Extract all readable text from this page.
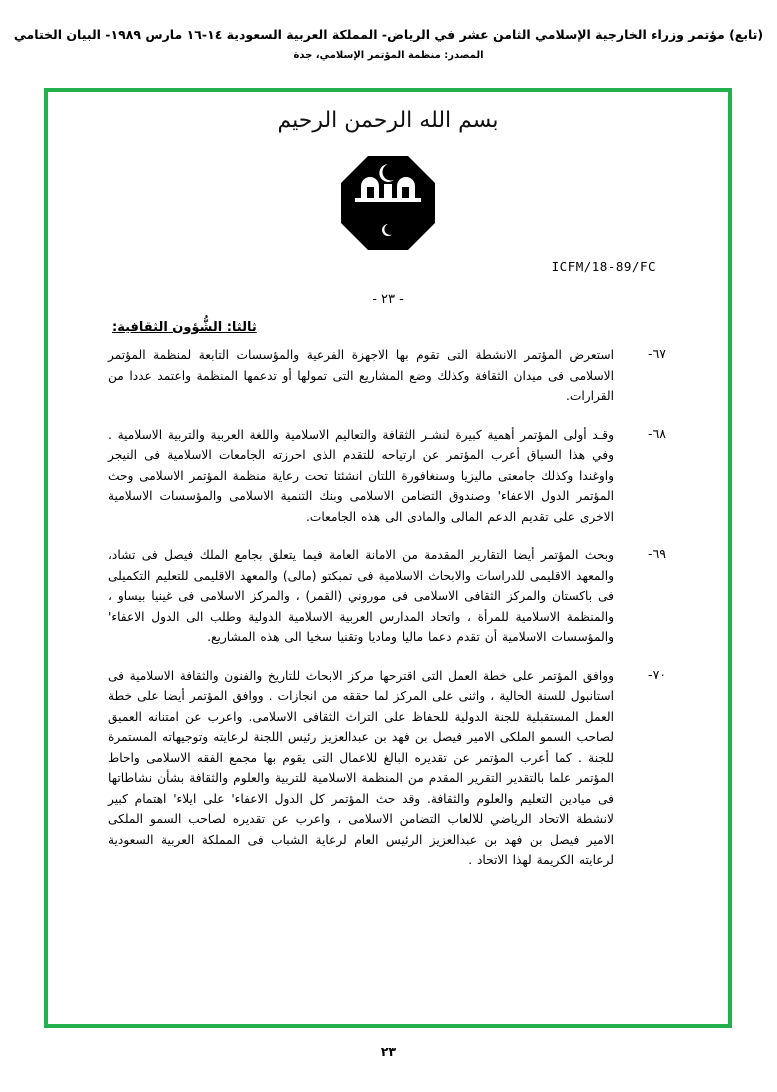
(تابع) مؤتمر وزراء الخارجية الإسلامي الثامن عشر في الرياض- المملكة العربية السعودية ١٤-١٦ مارس ١٩٨٩- البيان الختامي
المصدر: منظمة المؤتمر الإسلامي، جدة
بسم الله الرحمن الرحيم
ICFM/18-89/FC
- ٢٣ -
ثالثا: الشُّؤون الثقافية:
-٦٧
استعرض المؤتمر الانشطة التى تقوم بها الاجهزة الفرعية والمؤسسات التابعة لمنظمة المؤتمر الاسلامى فى ميدان الثقافة وكذلك وضع المشاريع التى تمولها أو تدعمها المنظمة واعتمد عددا من القرارات.
-٦٨
وقـد أولى المؤتمر أهمية كبيرة لنشـر الثقافة والتعاليم الاسلامية واللغة العربية والتربية الاسلامية . وفي هذا السياق أعرب المؤتمر عن ارتياحه للتقدم الذى احرزته الجامعات الاسلامية فى النيجر واوغندا وكذلك جامعتى ماليزيا وسنغافورة اللتان انشئتا تحت رعاية منظمة المؤتمر الاسلامى وحث المؤتمر الدول الاعفاء' وصندوق التضامن الاسلامى وبنك التنمية الاسلامى والمؤسسات الاسلامية الاخرى على تقديم الدعم المالى والمادى الى هذه الجامعات.
-٦٩
وبحث المؤتمر أيضا التقارير المقدمة من الامانة العامة فيما يتعلق بجامع الملك فيصل فى تشاد، والمعهد الاقليمى للدراسات والابحاث الاسلامية فى تمبكتو (مالى) والمعهد الاقليمى للتعليم التكميلى فى باكستان والمركز الثقافى الاسلامى فى موروني (القمر) ، والمركز الاسلامى فى غينيا بيساو ، والمنظمة الاسلامية للمرأة ، واتحاد المدارس العربية الاسلامية الدولية وطلب الى الدول الاعفاء' والمؤسسات الاسلامية أن تقدم دعما ماليا وماديا وتقنيا سخيا الى هذه المشاريع.
-٧٠
ووافق المؤتمر على خطة العمل التى اقترحها مركز الابحاث للتاريخ والفنون والثقافة الاسلامية فى استانبول للسنة الحالية ، واثنى على المركز لما حققه من انجازات . ووافق المؤتمر أيضا على خطة العمل المستقبلية للجنة الدولية للحفاظ على التراث الثقافى الاسلامى. واعرب عن امتنانه العميق لصاحب السمو الملكى الامير فيصل بن فهد بن عبدالعزيز رئيس اللجنة لرعايته وتوجيهاته المستمرة للجنة . كما أعرب المؤتمر عن تقديره البالغ للاعمال التى يقوم بها مجمع الفقه الاسلامى واحاط المؤتمر علما بالتقدير التقرير المقدم من المنظمة الاسلامية للتربية والعلوم والثقافة بشأن نشاطاتها فى ميادين التعليم والعلوم والثقافة. وقد حث المؤتمر كل الدول الاعفاء' على ايلاء' اهتمام كبير لانشطة الاتحاد الرياضي للالعاب التضامن الاسلامى ، واعرب عن تقديره لصاحب السمو الملكى الامير فيصل بن فهد بن عبدالعزيز الرئيس العام لرعاية الشباب فى المملكة العربية السعودية لرعايته الكريمة لهذا الاتحاد .
٢٣
